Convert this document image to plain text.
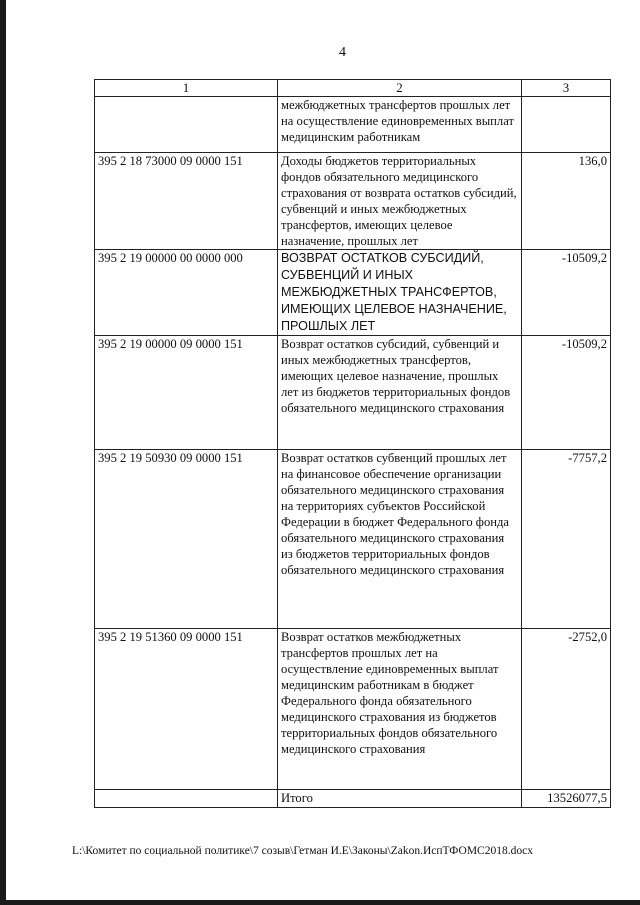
4
1	2	3
	межбюджетных трансфертов прошлых лет на осуществление единовременных выплат медицинским работникам	
395 2 18 73000 09 0000 151	Доходы бюджетов территориальных фондов обязательного медицинского страхования от возврата остатков субсидий, субвенций и иных межбюджетных трансфертов, имеющих целевое назначение, прошлых лет	136,0
395 2 19 00000 00 0000 000	ВОЗВРАТ ОСТАТКОВ СУБСИДИЙ, СУБВЕНЦИЙ И ИНЫХ МЕЖБЮДЖЕТНЫХ ТРАНСФЕРТОВ, ИМЕЮЩИХ ЦЕЛЕВОЕ НАЗНАЧЕНИЕ, ПРОШЛЫХ ЛЕТ	-10509,2
395 2 19 00000 09 0000 151	Возврат остатков субсидий, субвенций и иных межбюджетных трансфертов, имеющих целевое назначение, прошлых лет из бюджетов территориальных фондов обязательного медицинского страхования	-10509,2
395 2 19 50930 09 0000 151	Возврат остатков субвенций прошлых лет на финансовое обеспечение организации обязательного медицинского страхования на территориях субъектов Российской Федерации в бюджет Федерального фонда обязательного медицинского страхования из бюджетов территориальных фондов обязательного медицинского страхования	-7757,2
395 2 19 51360 09 0000 151	Возврат остатков межбюджетных трансфертов прошлых лет на осуществление единовременных выплат медицинским работникам в бюджет Федерального фонда обязательного медицинского страхования из бюджетов территориальных фондов обязательного медицинского страхования	-2752,0
	Итого	13526077,5
L:\Комитет по социальной политике\7 созыв\Гетман И.Е\Законы\Zakon.ИспТФОМС2018.docx
